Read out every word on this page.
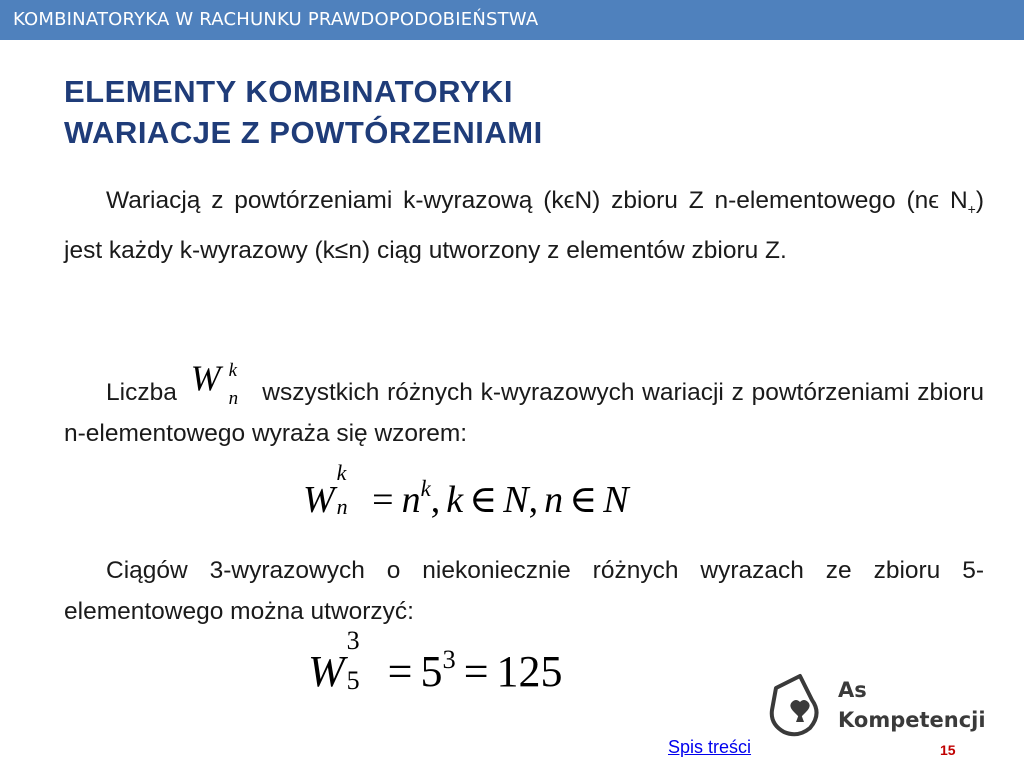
KOMBINATORYKA W RACHUNKU PRAWDOPODOBIEŃSTWA
ELEMENTY KOMBINATORYKI
WARIACJE Z POWTÓRZENIAMI
Wariacją z powtórzeniami k-wyrazową (kϵN) zbioru Z n-elementowego (nϵ $N_+$) jest każdy k-wyrazowy (k≤n) ciąg utworzony z elementów zbioru Z.
Liczba W k
n wszystkich różnych k-wyrazowych wariacji z powtórzeniami zbioru n-elementowego wyraża się wzorem:
W
k
$n = n^k$, k ∈ N, n ∈ N
Ciągów 3-wyrazowych o niekoniecznie różnych wyrazach ze zbioru 5-elementowego można utworzyć:
W
3
$5 = 5^3 = 125$	As
Kompetencji
Spis treści	15
